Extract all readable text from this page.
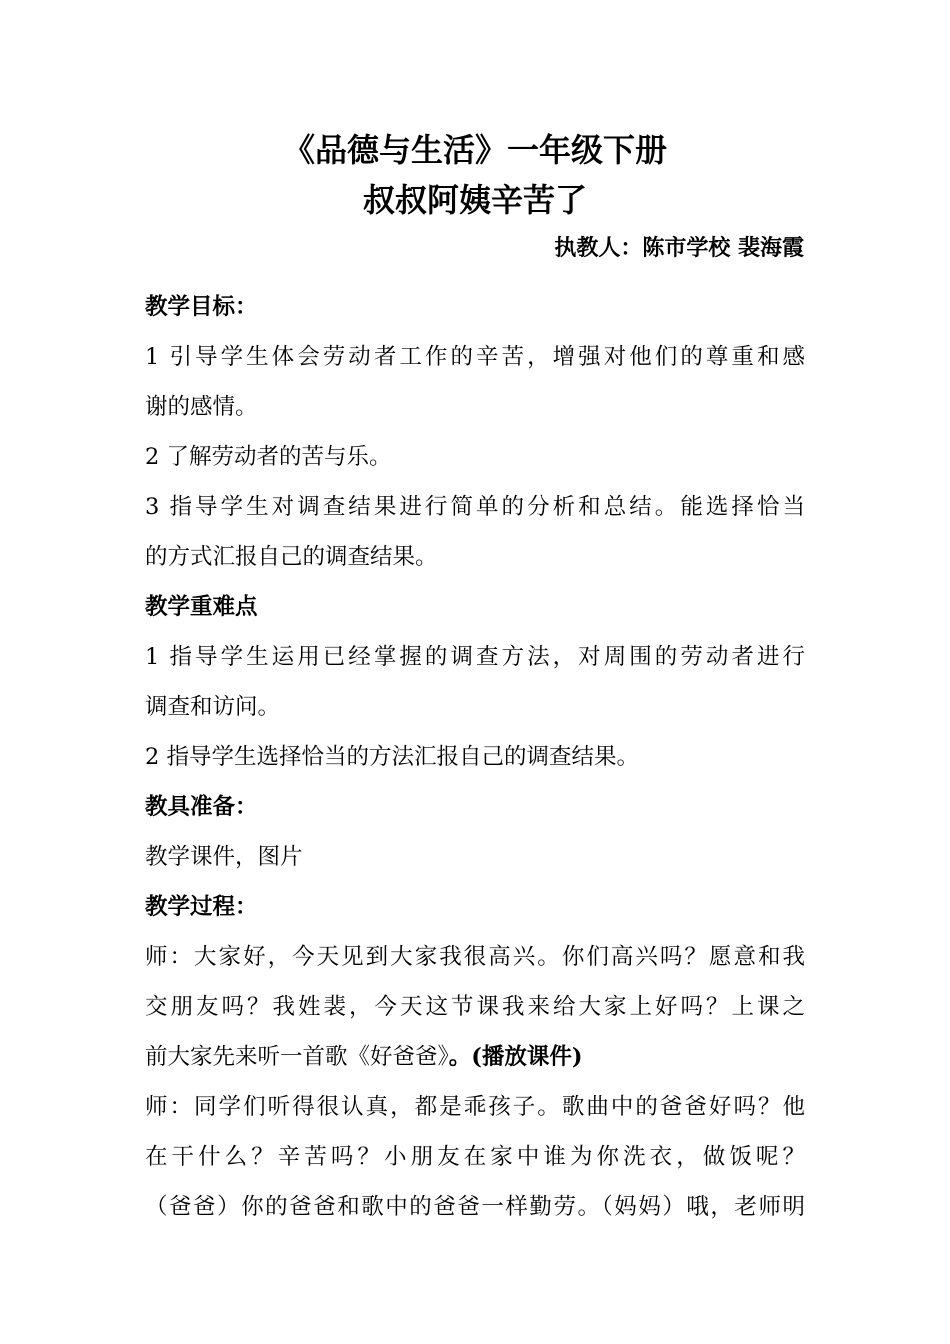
《品德与生活》一年级下册
叔叔阿姨辛苦了
执教人：陈市学校 裴海霞
教学目标：
1 引导学生体会劳动者工作的辛苦，增强对他们的尊重和感
谢的感情。
2 了解劳动者的苦与乐。
3 指导学生对调查结果进行简单的分析和总结。能选择恰当
的方式汇报自己的调查结果。
教学重难点
1 指导学生运用已经掌握的调查方法，对周围的劳动者进行
调查和访问。
2 指导学生选择恰当的方法汇报自己的调查结果。
教具准备：
教学课件，图片
教学过程：
师：大家好，今天见到大家我很高兴。你们高兴吗？愿意和我
交朋友吗？我姓裴，今天这节课我来给大家上好吗？上课之
前大家先来听一首歌《好爸爸》。(播放课件)
师：同学们听得很认真，都是乖孩子。歌曲中的爸爸好吗？他
在干什么？辛苦吗？小朋友在家中谁为你洗衣，做饭呢？
（爸爸）你的爸爸和歌中的爸爸一样勤劳。（妈妈）哦，老师明
